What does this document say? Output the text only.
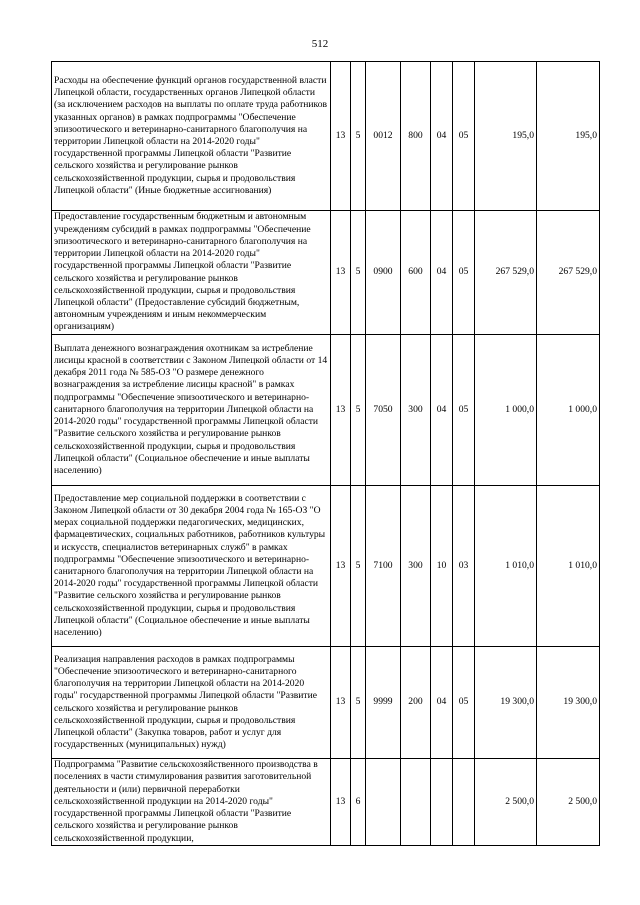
512
Расходы на обеспечение функций органов государственной власти Липецкой области, государственных органов Липецкой области (за исключением расходов на выплаты по оплате труда работников указанных органов) в рамках подпрограммы "Обеспечение эпизоотического и ветеринарно-санитарного благополучия на территории Липецкой области на 2014-2020 годы" государственной программы Липецкой области "Развитие сельского хозяйства и регулирование рынков сельскохозяйственной продукции, сырья и продовольствия Липецкой области" (Иные бюджетные ассигнования)	13	5	0012	800	04	05	195,0	195,0
Предоставление государственным бюджетным и автономным учреждениям субсидий в рамках подпрограммы "Обеспечение эпизоотического и ветеринарно-санитарного благополучия на территории Липецкой области на 2014-2020 годы" государственной программы Липецкой области "Развитие сельского хозяйства и регулирование рынков сельскохозяйственной продукции, сырья и продовольствия Липецкой области" (Предоставление субсидий бюджетным, автономным учреждениям и иным некоммерческим организациям)	13	5	0900	600	04	05	267 529,0	267 529,0
Выплата денежного вознаграждения охотникам за истребление лисицы красной в соответствии с Законом Липецкой области от 14 декабря 2011 года № 585-ОЗ "О размере денежного вознаграждения за истребление лисицы красной" в рамках подпрограммы "Обеспечение эпизоотического и ветеринарно-санитарного благополучия на территории Липецкой области на 2014-2020 годы" государственной программы Липецкой области "Развитие сельского хозяйства и регулирование рынков сельскохозяйственной продукции, сырья и продовольствия Липецкой области" (Социальное обеспечение и иные выплаты населению)	13	5	7050	300	04	05	1 000,0	1 000,0
Предоставление мер социальной поддержки в соответствии с Законом Липецкой области от 30 декабря 2004 года № 165-ОЗ "О мерах социальной поддержки педагогических, медицинских, фармацевтических, социальных работников, работников культуры и искусств, специалистов ветеринарных служб" в рамках подпрограммы "Обеспечение эпизоотического и ветеринарно-санитарного благополучия на территории Липецкой области на 2014-2020 годы" государственной программы Липецкой области "Развитие сельского хозяйства и регулирование рынков сельскохозяйственной продукции, сырья и продовольствия Липецкой области" (Социальное обеспечение и иные выплаты населению)	13	5	7100	300	10	03	1 010,0	1 010,0
Реализация направления расходов в рамках подпрограммы "Обеспечение эпизоотического и ветеринарно-санитарного благополучия на территории Липецкой области на 2014-2020 годы" государственной программы Липецкой области "Развитие сельского хозяйства и регулирование рынков сельскохозяйственной продукции, сырья и продовольствия Липецкой области" (Закупка товаров, работ и услуг для государственных (муниципальных) нужд)	13	5	9999	200	04	05	19 300,0	19 300,0
Подпрограмма "Развитие сельскохозяйственного производства в поселениях в части стимулирования развития заготовительной деятельности и (или) первичной переработки сельскохозяйственной продукции на 2014-2020 годы" государственной программы Липецкой области "Развитие сельского хозяйства и регулирование рынков сельскохозяйственной продукции,	13	6					2 500,0	2 500,0
